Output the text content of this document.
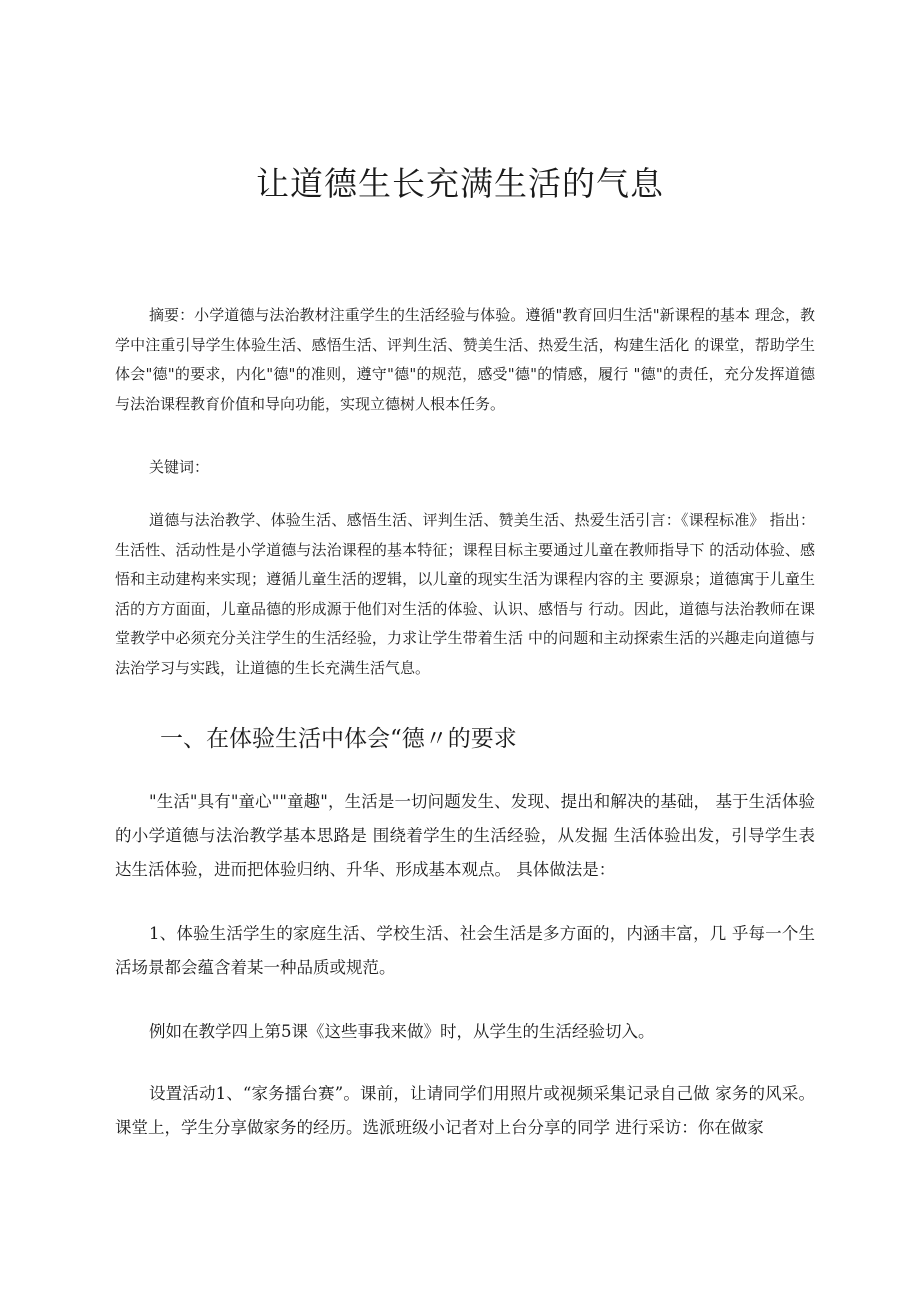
让道德生长充满生活的气息

摘要：小学道德与法治教材注重学生的生活经验与体验。遵循"教育回归生活"新课程的基本 理念，教学中注重引导学生体验生活、感悟生活、评判生活、赞美生活、热爱生活，构建生活化 的课堂，帮助学生体会"德"的要求，内化"德"的准则，遵守"德"的规范，感受"德"的情感，履行 "德"的责任，充分发挥道德与法治课程教育价值和导向功能，实现立德树人根本任务。

关键词：

道德与法治教学、体验生活、感悟生活、评判生活、赞美生活、热爱生活引言：《课程标准》 指出：生活性、活动性是小学道德与法治课程的基本特征；课程目标主要通过儿童在教师指导下 的活动体验、感悟和主动建构来实现；遵循儿童生活的逻辑，以儿童的现实生活为课程内容的主 要源泉；道德寓于儿童生活的方方面面，儿童品德的形成源于他们对生活的体验、认识、感悟与 行动。因此，道德与法治教师在课堂教学中必须充分关注学生的生活经验，力求让学生带着生活 中的问题和主动探索生活的兴趣走向道德与法治学习与实践，让道德的生长充满生活气息。

一、在体验生活中体会“德〃的要求

"生活"具有"童心""童趣"，生活是一切问题发生、发现、提出和解决的基础， 基于生活体验的小学道德与法治教学基本思路是 围绕着学生的生活经验，从发掘 生活体验出发，引导学生表达生活体验，进而把体验归纳、升华、形成基本观点。 具体做法是：

1、体验生活学生的家庭生活、学校生活、社会生活是多方面的，内涵丰富，几 乎每一个生活场景都会蕴含着某一种品质或规范。

例如在教学四上第5课《这些事我来做》时，从学生的生活经验切入。

设置活动1、“家务擂台赛”。课前，让请同学们用照片或视频采集记录自己做 家务的风采。课堂上，学生分享做家务的经历。选派班级小记者对上台分享的同学 进行采访：你在做家
